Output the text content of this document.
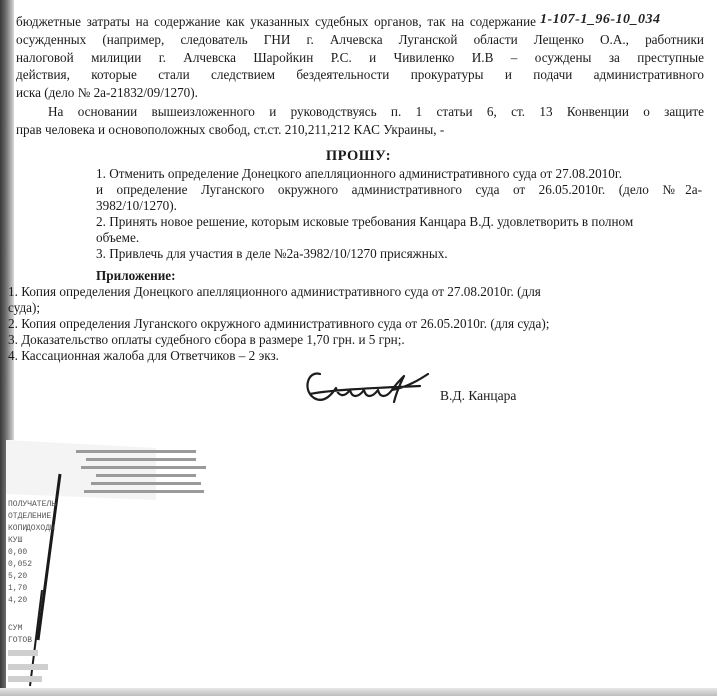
1-107-1_96-10_034
бюджетные затраты на содержание как указанных судебных органов, так на содержание
осужденных (например, следователь ГНИ г. Алчевска Луганской области Лещенко О.А., работники
налоговой милиции г. Алчевска Шаройкин Р.С. и Чивиленко И.В – осуждены за преступные
действия, которые стали следствием бездеятельности прокуратуры и подачи административного
иска (дело № 2а-21832/09/1270).
На основании вышеизложенного и руководствуясь п. 1 статьи 6, ст. 13 Конвенции о защите
прав человека и основоположных свобод, ст.ст. 210,211,212 КАС Украины, -
ПРОШУ:
1. Отменить определение Донецкого апелляционного административного суда от 27.08.2010г.
и определение Луганского окружного административного суда от 26.05.2010г. (дело №2а-
3982/10/1270).
2. Принять новое решение, которым исковые требования Канцара В.Д. удовлетворить в полном
объеме.
3. Привлечь для участия в деле №2а-3982/10/1270 присяжных.
Приложение:
1. Копия определения Донецкого апелляционного административного суда от 27.08.2010г. (для
суда);
2. Копия определения Луганского окружного административного суда от 26.05.2010г. (для суда);
3. Доказательство оплаты судебного сбора в размере 1,70 грн. и 5 грн;.
4. Кассационная жалоба для Ответчиков – 2 экз.
В.Д. Канцара
ПОЛУЧАТЕЛЬ
ОТДЕЛЕНИЕ
КОПИ
ДОХОДЫ
КУШ
0,00
0,052
5,20
1,70
4,20
СУМ
ГОТОВ
